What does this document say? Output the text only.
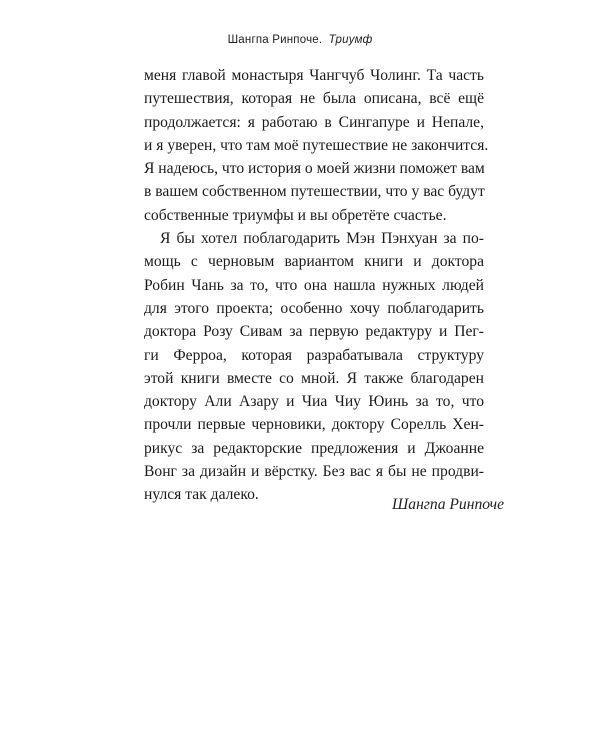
Шангпа Ринпоче. Триумф
меня главой монастыря Чангчуб Чолинг. Та часть
путешествия, которая не была описана, всё ещё
продолжается: я работаю в Сингапуре и Непале,
и я уверен, что там моё путешествие не закончится.
Я надеюсь, что история о моей жизни поможет вам
в вашем собственном путешествии, что у вас будут
собственные триумфы и вы обретёте счастье.
Я бы хотел поблагодарить Мэн Пэнхуан за по-
мощь с черновым вариантом книги и доктора
Робин Чань за то, что она нашла нужных людей
для этого проекта; особенно хочу поблагодарить
доктора Розу Сивам за первую редактуру и Пег-
ги Ферроа, которая разрабатывала структуру
этой книги вместе со мной. Я также благодарен
доктору Али Азару и Чиа Чиу Юинь за то, что
прочли первые черновики, доктору Сорелль Хен-
рикус за редакторские предложения и Джоанне
Вонг за дизайн и вёрстку. Без вас я бы не продви-
нулся так далеко.
Шангпа Ринпоче
